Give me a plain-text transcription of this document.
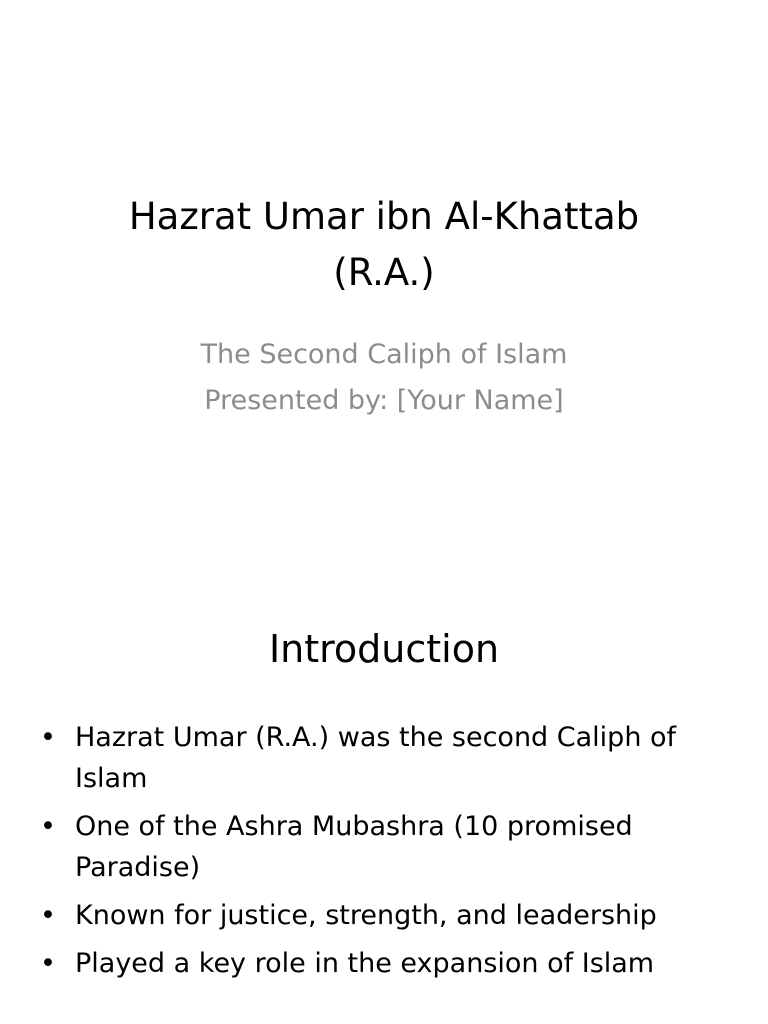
Hazrat Umar ibn Al-Khattab
(R.A.)
The Second Caliph of Islam
Presented by: [Your Name]
Introduction
• Hazrat Umar (R.A.) was the second Caliph of Islam
• One of the Ashra Mubashra (10 promised Paradise)
• Known for justice, strength, and leadership
• Played a key role in the expansion of Islam
